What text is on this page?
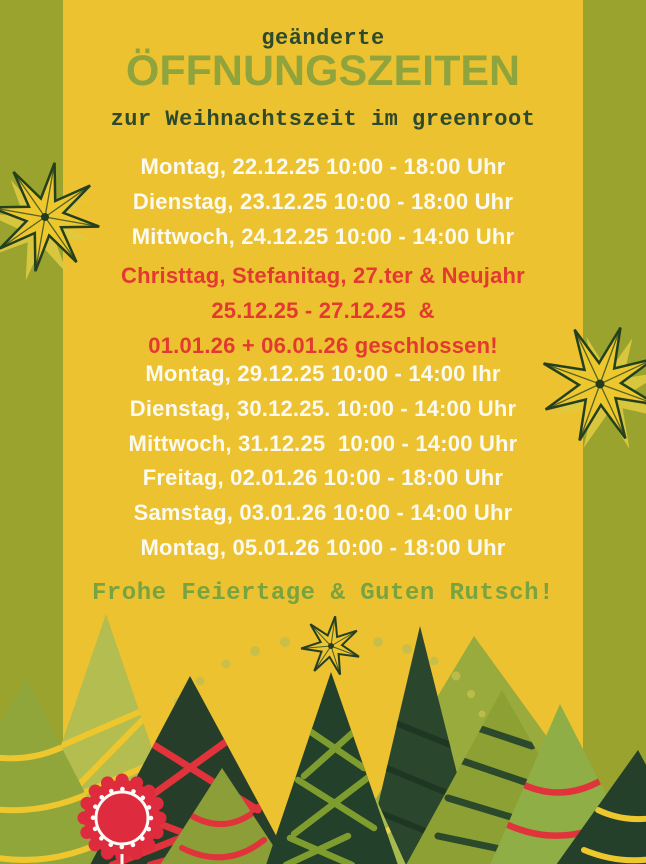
geänderte
ÖFFNUNGSZEITEN
zur Weihnachtszeit im greenroot
Montag, 22.12.25 10:00 - 18:00 Uhr
Dienstag, 23.12.25 10:00 - 18:00 Uhr
Mittwoch, 24.12.25 10:00 - 14:00 Uhr
Christtag, Stefanitag, 27.ter & Neujahr
25.12.25 - 27.12.25  &
01.01.26 + 06.01.26 geschlossen!
Montag, 29.12.25 10:00 - 14:00 Ihr
Dienstag, 30.12.25. 10:00 - 14:00 Uhr
Mittwoch, 31.12.25  10:00 - 14:00 Uhr
Freitag, 02.01.26 10:00 - 18:00 Uhr
Samstag, 03.01.26 10:00 - 14:00 Uhr
Montag, 05.01.26 10:00 - 18:00 Uhr
Frohe Feiertage & Guten Rutsch!
